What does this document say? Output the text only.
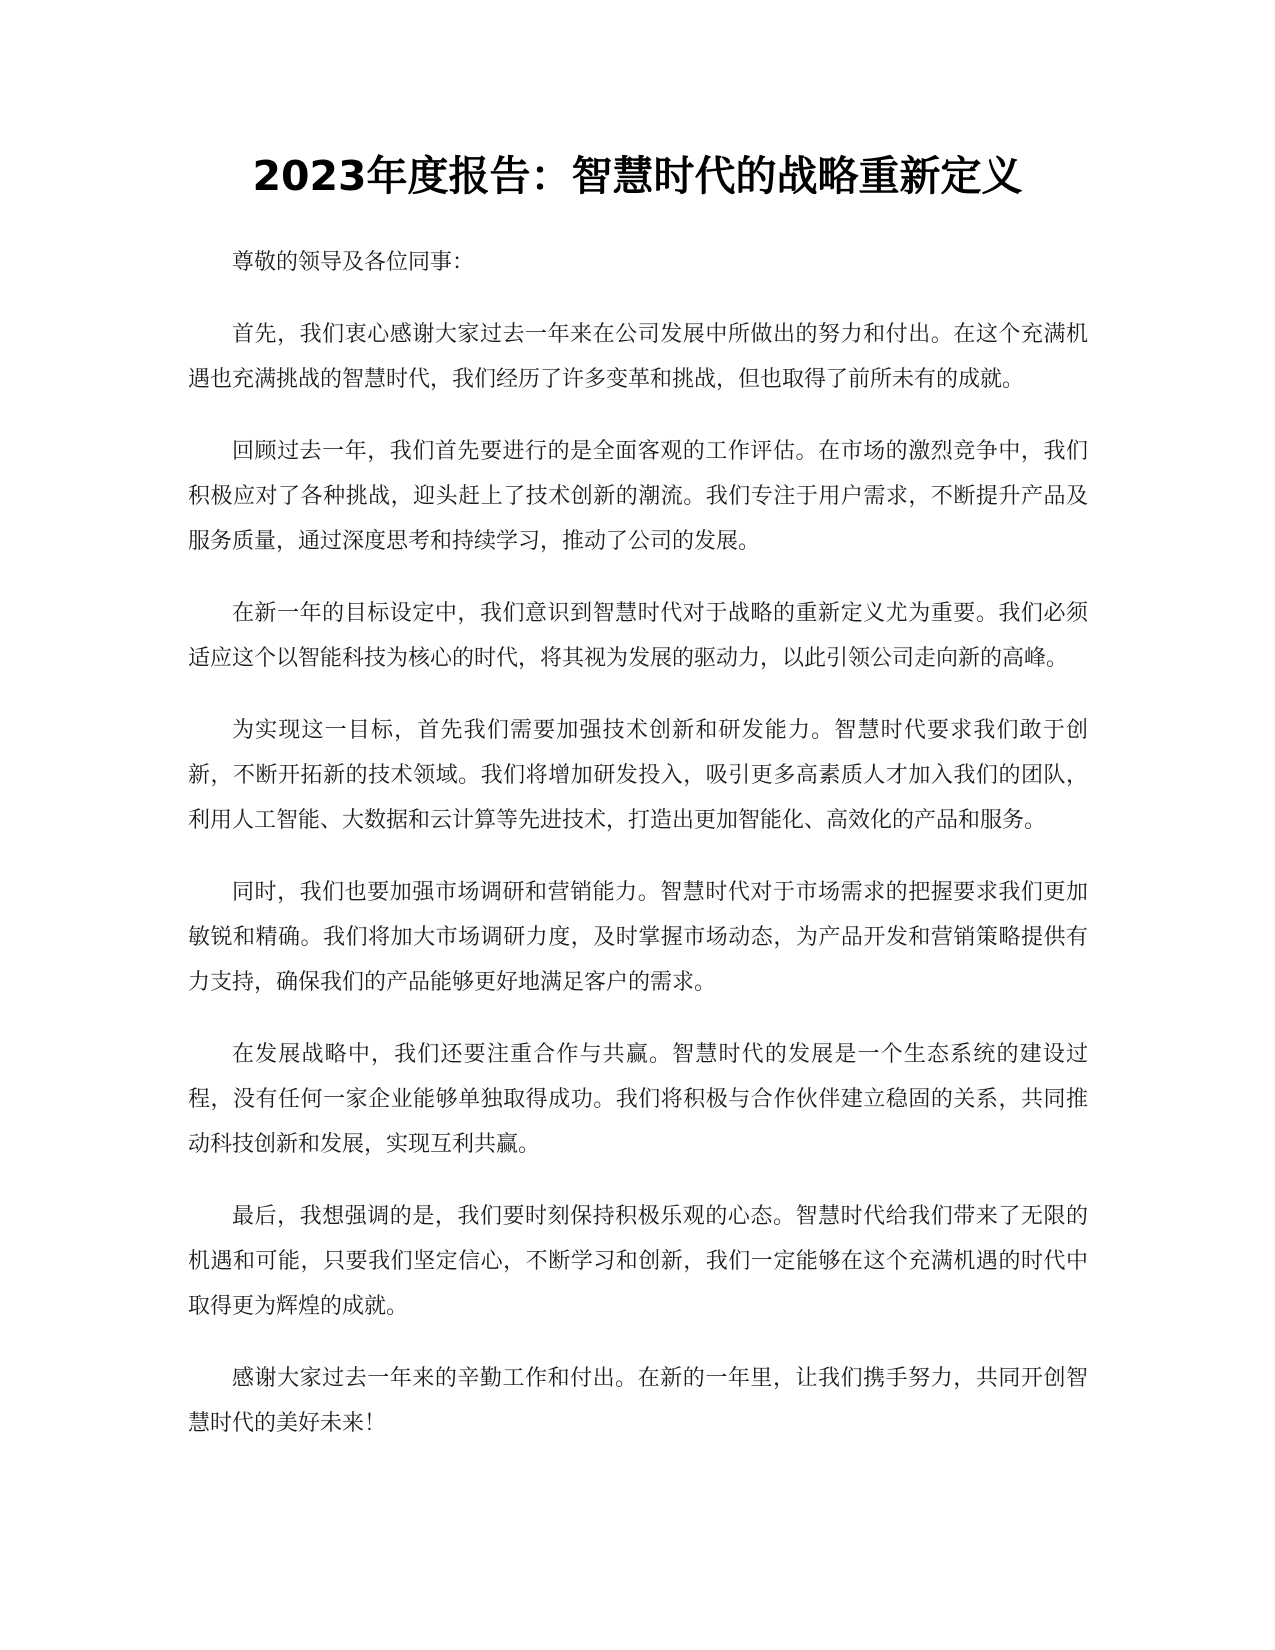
2023年度报告：智慧时代的战略重新定义

尊敬的领导及各位同事：

首先，我们衷心感谢大家过去一年来在公司发展中所做出的努力和付出。在这个充满机遇也充满挑战的智慧时代，我们经历了许多变革和挑战，但也取得了前所未有的成就。

回顾过去一年，我们首先要进行的是全面客观的工作评估。在市场的激烈竞争中，我们积极应对了各种挑战，迎头赶上了技术创新的潮流。我们专注于用户需求，不断提升产品及服务质量，通过深度思考和持续学习，推动了公司的发展。

在新一年的目标设定中，我们意识到智慧时代对于战略的重新定义尤为重要。我们必须适应这个以智能科技为核心的时代，将其视为发展的驱动力，以此引领公司走向新的高峰。

为实现这一目标，首先我们需要加强技术创新和研发能力。智慧时代要求我们敢于创新，不断开拓新的技术领域。我们将增加研发投入，吸引更多高素质人才加入我们的团队，利用人工智能、大数据和云计算等先进技术，打造出更加智能化、高效化的产品和服务。

同时，我们也要加强市场调研和营销能力。智慧时代对于市场需求的把握要求我们更加敏锐和精确。我们将加大市场调研力度，及时掌握市场动态，为产品开发和营销策略提供有力支持，确保我们的产品能够更好地满足客户的需求。

在发展战略中，我们还要注重合作与共赢。智慧时代的发展是一个生态系统的建设过程，没有任何一家企业能够单独取得成功。我们将积极与合作伙伴建立稳固的关系，共同推动科技创新和发展，实现互利共赢。

最后，我想强调的是，我们要时刻保持积极乐观的心态。智慧时代给我们带来了无限的机遇和可能，只要我们坚定信心，不断学习和创新，我们一定能够在这个充满机遇的时代中取得更为辉煌的成就。

感谢大家过去一年来的辛勤工作和付出。在新的一年里，让我们携手努力，共同开创智慧时代的美好未来！
